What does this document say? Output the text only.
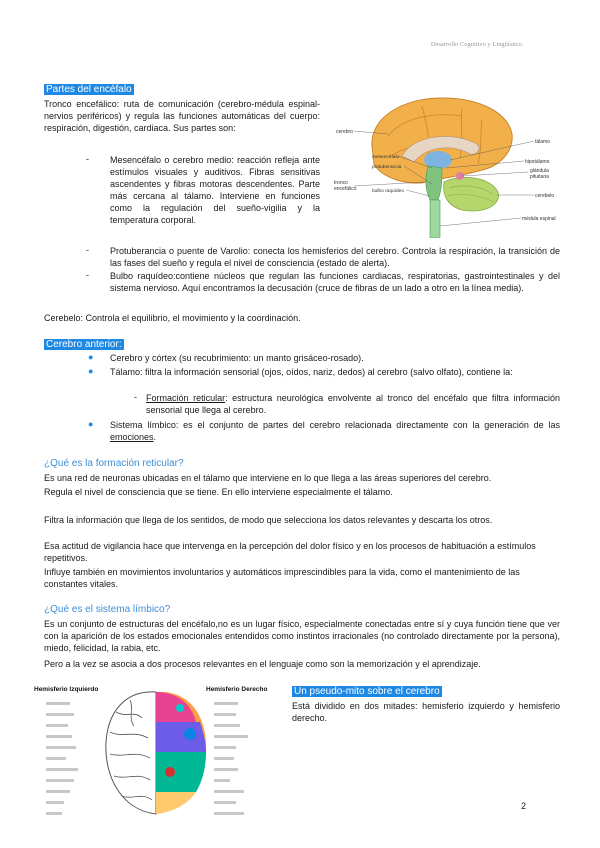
Desarrollo Cognitivo y Lingüístico
Partes del encéfalo

Tronco encefálico: ruta de comunicación (cerebro-médula espinal- nervios periféricos) y regula las funciones automáticas del cuerpo: respiración, digestión, cardiaca. Sus partes son:

- Mesencéfalo o cerebro medio: reacción refleja ante estímulos visuales y auditivos. Fibras sensitivas ascendentes y fibras motoras descendentes. Parte más cercana al tálamo. Interviene en funciones como la regulación del sueño-vigilia y la temperatura corporal.

- Protuberancia o puente de Varolio: conecta los hemisferios del cerebro. Controla la respiración, la transición de las fases del sueño y regula el nivel de consciencia (estado de alerta).

- Bulbo raquídeo:contiene núcleos que regulan las funciones cardiacas, respiratorias, gastrointestinales y del sistema nervioso. Aquí encontramos la decusación (cruce de fibras de un lado a otro en la línea media).

Cerebelo: Controla el equilibrio, el movimiento y la coordinación.

cerebro
tronco
encefálico
mesencéfalo
protuberancia
bulbo raquídeo
tálamo
hipotálamo
glándula
pituitaria
cerebelo
médula espinal
Cerebro anterior:
● Cerebro y córtex (su recubrimiento: un manto grisáceo-rosado).

● Tálamo: filtra la información sensorial (ojos, oídos, nariz, dedos) al cerebro (salvo olfato), contiene la:

- Formación reticular: estructura neurológica envolvente al tronco del encéfalo que filtra información sensorial que llega al cerebro.

● Sistema límbico: es el conjunto de partes del cerebro relacionada directamente con la generación de las emociones.

¿Qué es la formación reticular?

Es una red de neuronas ubicadas en el tálamo que interviene en lo que llega a las áreas superiores del cerebro.

Regula el nivel de consciencia que se tiene. En ello interviene especialmente el tálamo.

Filtra la información que llega de los sentidos, de modo que selecciona los datos relevantes y descarta los otros.

Esa actitud de vigilancia hace que intervenga en la percepción del dolor físico y en los procesos de habituación a estímulos repetitivos.

Influye también en movimientos involuntarios y automáticos imprescindibles para la vida, como el mantenimiento de las constantes vitales.

¿Qué es el sistema límbico?

Es un conjunto de estructuras del encéfalo,no es un lugar físico, especialmente conectadas entre sí y cuya función tiene que ver con la aparición de los estados emocionales entendidos como instintos irracionales (no controlado directamente por la persona), miedo, felicidad, la rabia, etc.

Pero a la vez se asocia a dos procesos relevantes en el lenguaje como son la memorización y el aprendizaje.

Hemisferio Izquierdo	Hemisferio Derecho	Un pseudo-mito sobre el cerebro

Está dividido en dos mitades: hemisferio izquierdo y hemisferio derecho.

2
